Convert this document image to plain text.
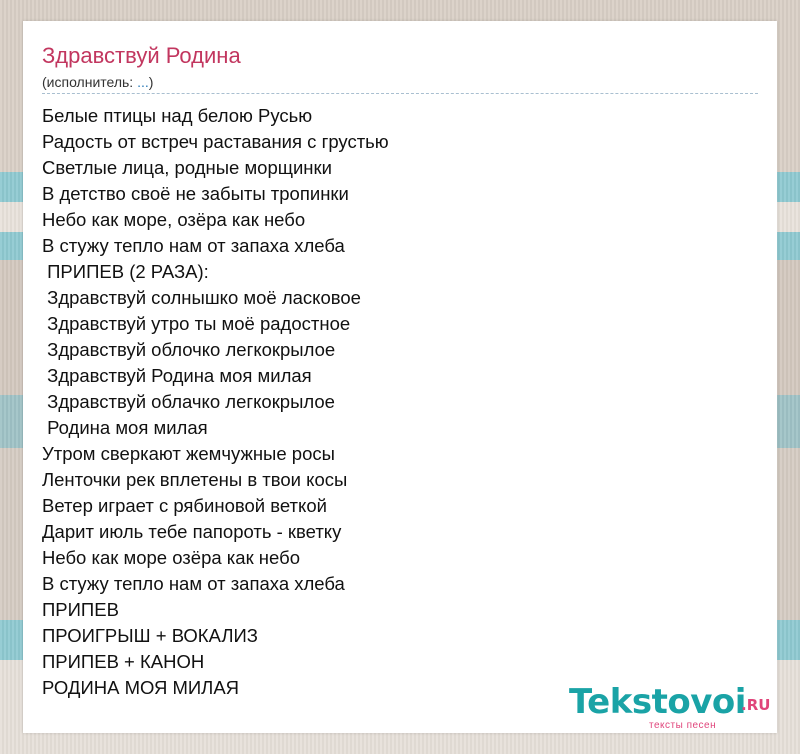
Здравствуй Родина
(исполнитель: ...)
Белые птицы над белою Русью
Радость от встреч раставания с грустью
Светлые лица, родные морщинки
В детство своё не забыты тропинки
Небо как море, озёра как небо
В стужу тепло нам от запаха хлеба
ПРИПЕВ (2 РАЗА):
Здравствуй солнышко моё ласковое
Здравствуй утро ты моё радостное
Здравствуй облочко легкокрылое
Здравствуй Родина моя милая
Здравствуй облачко легкокрылое
Родина моя милая
Утром сверкают жемчужные росы
Ленточки рек вплетены в твои косы
Ветер играет с рябиновой веткой
Дарит июль тебе папороть - кветку
Небо как море озёра как небо
В стужу тепло нам от запаха хлеба
ПРИПЕВ
ПРОИГРЫШ + ВОКАЛИЗ
ПРИПЕВ + КАНОН
РОДИНА МОЯ МИЛАЯ	Tekstovoi
.RU
тексты песен
